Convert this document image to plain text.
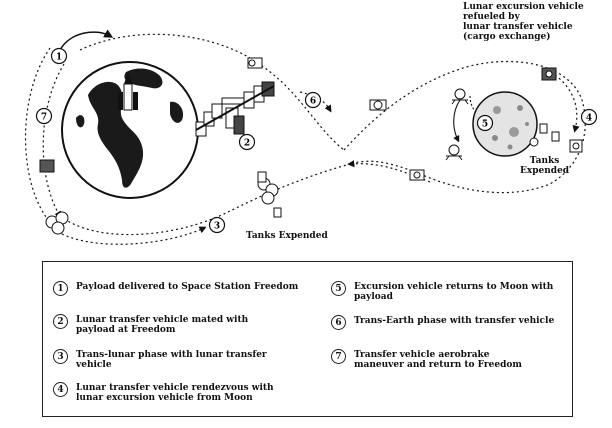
1
7
2
3
6
5
4
Lunar excursion vehicle
refueled by
lunar transfer vehicle
(cargo exchange)
Tanks
Expended
Tanks Expended
1	Payload delivered to Space Station Freedom
2	Lunar transfer vehicle mated with payload at Freedom
3	Trans-lunar phase with lunar transfer vehicle
4	Lunar transfer vehicle rendezvous with lunar excursion vehicle from Moon
5	Excursion vehicle returns to Moon with payload
6	Trans-Earth phase with transfer vehicle
7	Transfer vehicle aerobrake maneuver and return to Freedom
